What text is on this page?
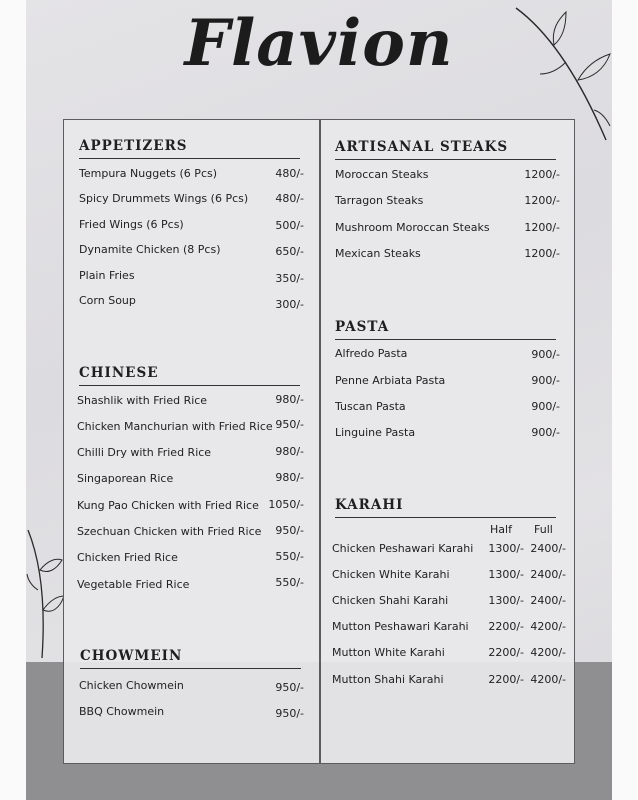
Flavion
APPETIZERS
Tempura Nuggets (6 Pcs)	480/-
Spicy Drummets Wings (6 Pcs)	480/-
Fried Wings (6 Pcs)	500/-
Dynamite Chicken (8 Pcs)	650/-
Plain Fries	350/-
Corn Soup	300/-
CHINESE
Shashlik with Fried Rice	980/-
Chicken Manchurian with Fried Rice 950/-
Chilli Dry with Fried Rice	980/-
Singaporean Rice	980/-
Kung Pao Chicken with Fried Rice 1050/-
Szechuan Chicken with Fried Rice	950/-
Chicken Fried Rice	550/-
Vegetable Fried Rice	550/-
CHOWMEIN
Chicken Chowmein	950/-
BBQ Chowmein	950/-
ARTISANAL STEAKS
Moroccan Steaks	1200/-
Tarragon Steaks	1200/-
Mushroom Moroccan Steaks	1200/-
Mexican Steaks	1200/-
PASTA
Alfredo Pasta	900/-
Penne Arbiata Pasta	900/-
Tuscan Pasta	900/-
Linguine Pasta	900/-
KARAHI
Half Full
Chicken Peshawari Karahi	1300/- 2400/-
Chicken White Karahi	1300/- 2400/-
Chicken Shahi Karahi	1300/- 2400/-
Mutton Peshawari Karahi	2200/- 4200/-
Mutton White Karahi	2200/- 4200/-
Mutton Shahi Karahi	2200/- 4200/-
